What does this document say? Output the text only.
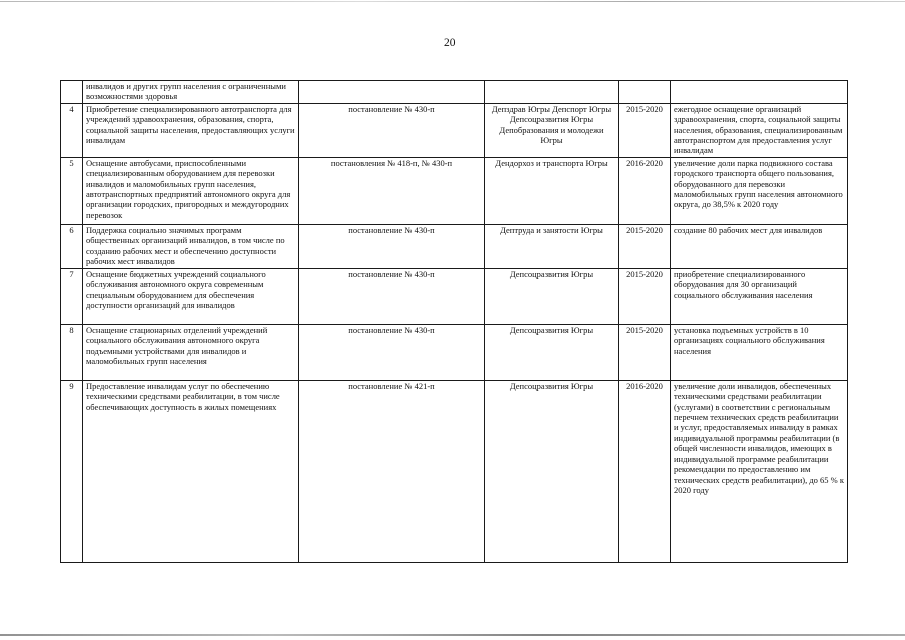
20
	инвалидов и других групп населения с ограниченными возможностями здоровья				
4	Приобретение специализированного автотранспорта для учреждений здравоохранения, образования, спорта, социальной защиты населения, предоставляющих услуги инвалидам	постановление № 430-п	Депздрав Югры Депспорт Югры Депсоцразвития Югры Депобразования и молодежи Югры	2015-2020	ежегодное оснащение организаций здравоохранения, спорта, социальной защиты населения, образования, специализированным автотранспортом для предоставления услуг инвалидам
5	Оснащение автобусами, приспособленными специализированным оборудованием для перевозки инвалидов и маломобильных групп населения, автотранспортных предприятий автономного округа для организации городских, пригородных и междугородних перевозок	постановления № 418-п, № 430-п	Дендорхоз и транспорта Югры	2016-2020	увеличение доли парка подвижного состава городского транспорта общего пользования, оборудованного для перевозки маломобильных групп населения автономного округа, до 38,5% к 2020 году
6	Поддержка социально значимых программ общественных организаций инвалидов, в том числе по созданию рабочих мест и обеспечению доступности рабочих мест инвалидов	постановление № 430-п	Дептруда и занятости Югры	2015-2020	создание 80 рабочих мест для инвалидов
7	Оснащение бюджетных учреждений социального обслуживания автономного округа современным специальным оборудованием для обеспечения доступности организаций для инвалидов	постановление № 430-п	Депсоцразвития Югры	2015-2020	приобретение специализированного оборудования для 30 организаций социального обслуживания населения
8	Оснащение стационарных отделений учреждений социального обслуживания автономного округа подъемными устройствами для инвалидов и маломобильных групп населения	постановление № 430-п	Депсоцразвития Югры	2015-2020	установка подъемных устройств в 10 организациях социального обслуживания населения
9	Предоставление инвалидам услуг по обеспечению техническими средствами реабилитации, в том числе обеспечивающих доступность в жилых помещениях	постановление № 421-п	Депсоцразвития Югры	2016-2020	увеличение доли инвалидов, обеспеченных техническими средствами реабилитации (услугами) в соответствии с региональным перечнем технических средств реабилитации и услуг, предоставляемых инвалиду в рамках индивидуальной программы реабилитации (в общей численности инвалидов, имеющих в индивидуальной программе реабилитации рекомендации по предоставлению им технических средств реабилитации), до 65 % к 2020 году
